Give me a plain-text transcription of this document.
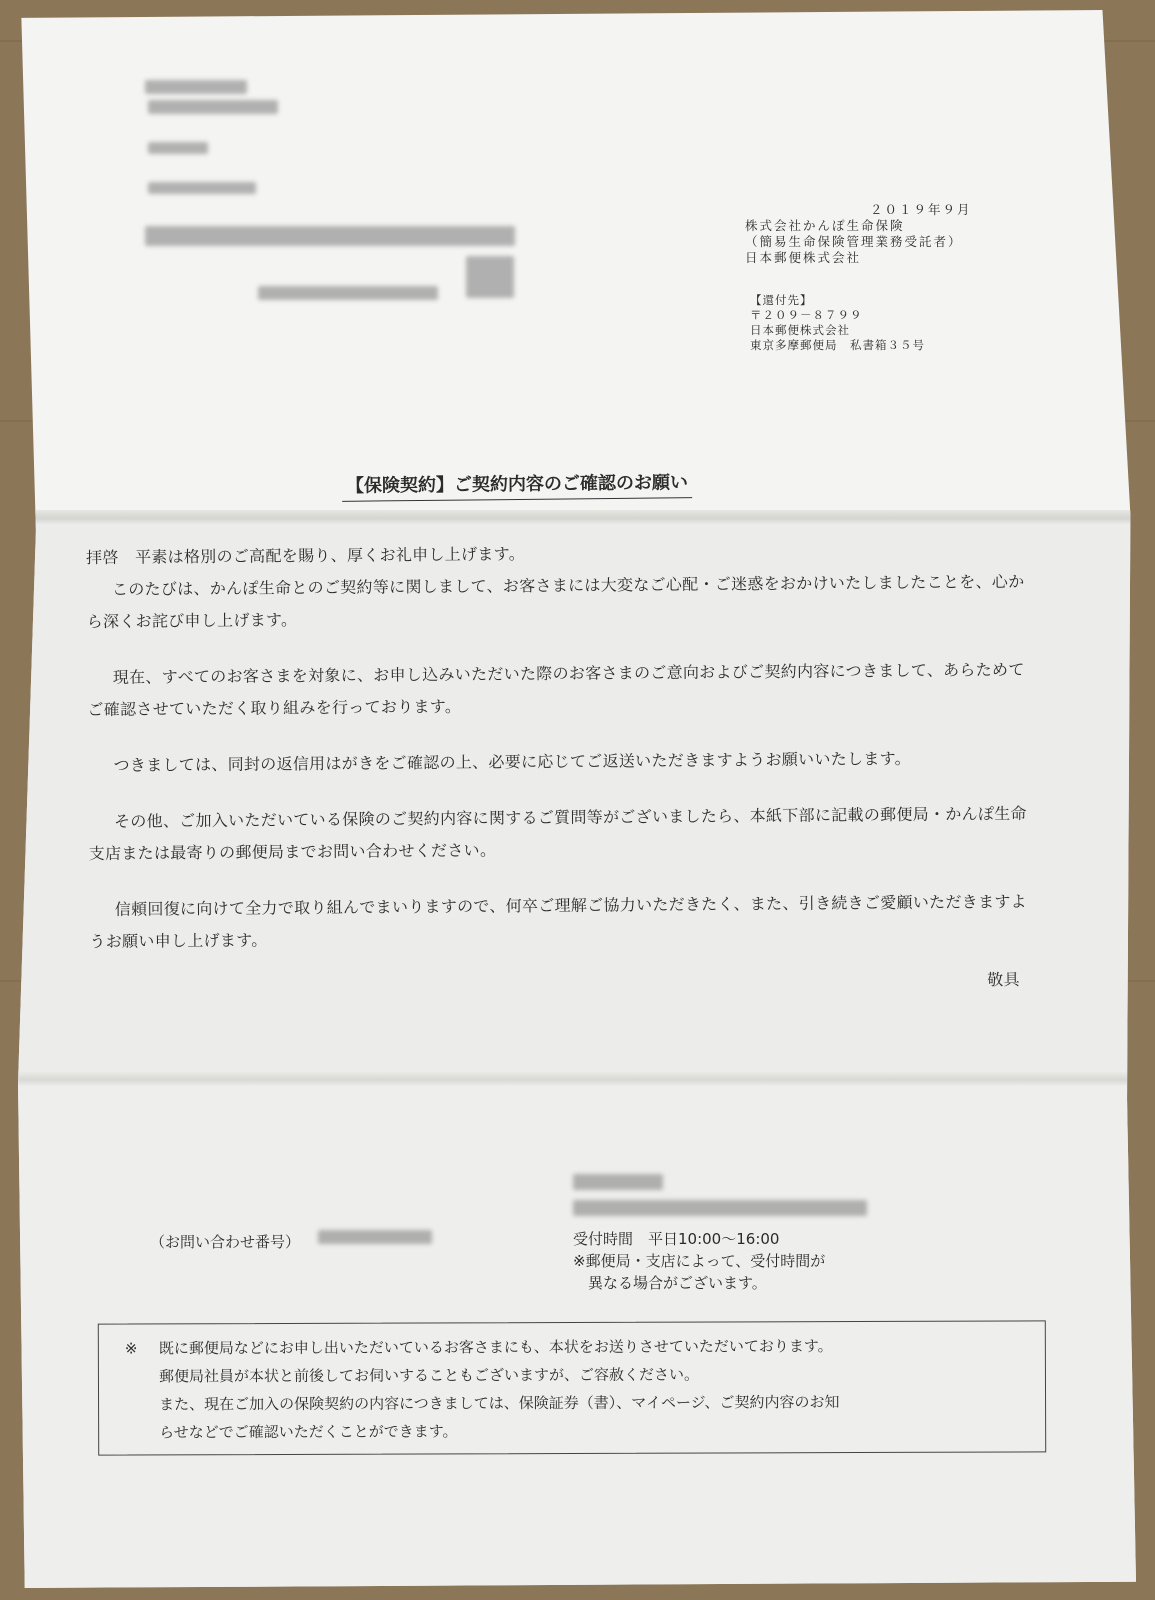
２０１９年９月
株式会社かんぽ生命保険
（簡易生命保険管理業務受託者）
日本郵便株式会社
【還付先】
〒２０９－８７９９
日本郵便株式会社
東京多摩郵便局　私書箱３５号
【保険契約】ご契約内容のご確認のお願い

拝啓　平素は格別のご高配を賜り、厚くお礼申し上げます。

このたびは、かんぽ生命とのご契約等に関しまして、お客さまには大変なご心配・ご迷惑をおかけいたしましたことを、心から深くお詫び申し上げます。

現在、すべてのお客さまを対象に、お申し込みいただいた際のお客さまのご意向およびご契約内容につきまして、あらためてご確認させていただく取り組みを行っております。

つきましては、同封の返信用はがきをご確認の上、必要に応じてご返送いただきますようお願いいたします。

その他、ご加入いただいている保険のご契約内容に関するご質問等がございましたら、本紙下部に記載の郵便局・かんぽ生命支店または最寄りの郵便局までお問い合わせください。

信頼回復に向けて全力で取り組んでまいりますので、何卒ご理解ご協力いただきたく、また、引き続きご愛顧いただきますようお願い申し上げます。

敬具
（お問い合わせ番号）	受付時間　平日10:00～16:00
※郵便局・支店によって、受付時間が
　異なる場合がございます。
※ 既に郵便局などにお申し出いただいているお客さまにも、本状をお送りさせていただいております。
郵便局社員が本状と前後してお伺いすることもございますが、ご容赦ください。
また、現在ご加入の保険契約の内容につきましては、保険証券（書）、マイページ、ご契約内容のお知
らせなどでご確認いただくことができます。
